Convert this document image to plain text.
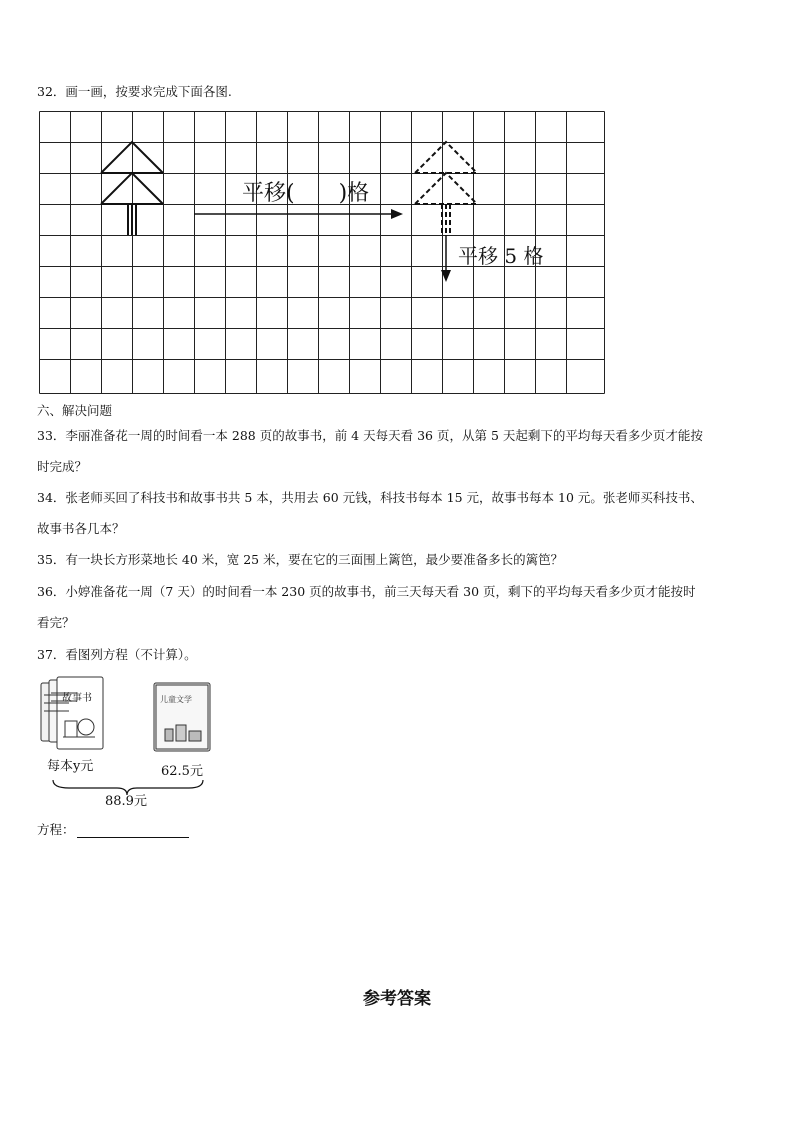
32．画一画，按要求完成下面各图.
平移(　　)格
平移 5 格
六、解决问题
33．李丽准备花一周的时间看一本 288 页的故事书，前 4 天每天看 36 页，从第 5 天起剩下的平均每天看多少页才能按
时完成？
34．张老师买回了科技书和故事书共 5 本，共用去 60 元钱，科技书每本 15 元，故事书每本 10 元。张老师买科技书、
故事书各几本？
35．有一块长方形菜地长 40 米，宽 25 米，要在它的三面围上篱笆，最少要准备多长的篱笆？
36．小婷准备花一周（7 天）的时间看一本 230 页的故事书，前三天每天看 30 页，剩下的平均每天看多少页才能按时
看完？
37．看图列方程（不计算）。
故事书	儿童文学
每本y元	62.5元
88.9元
方程：
参考答案
